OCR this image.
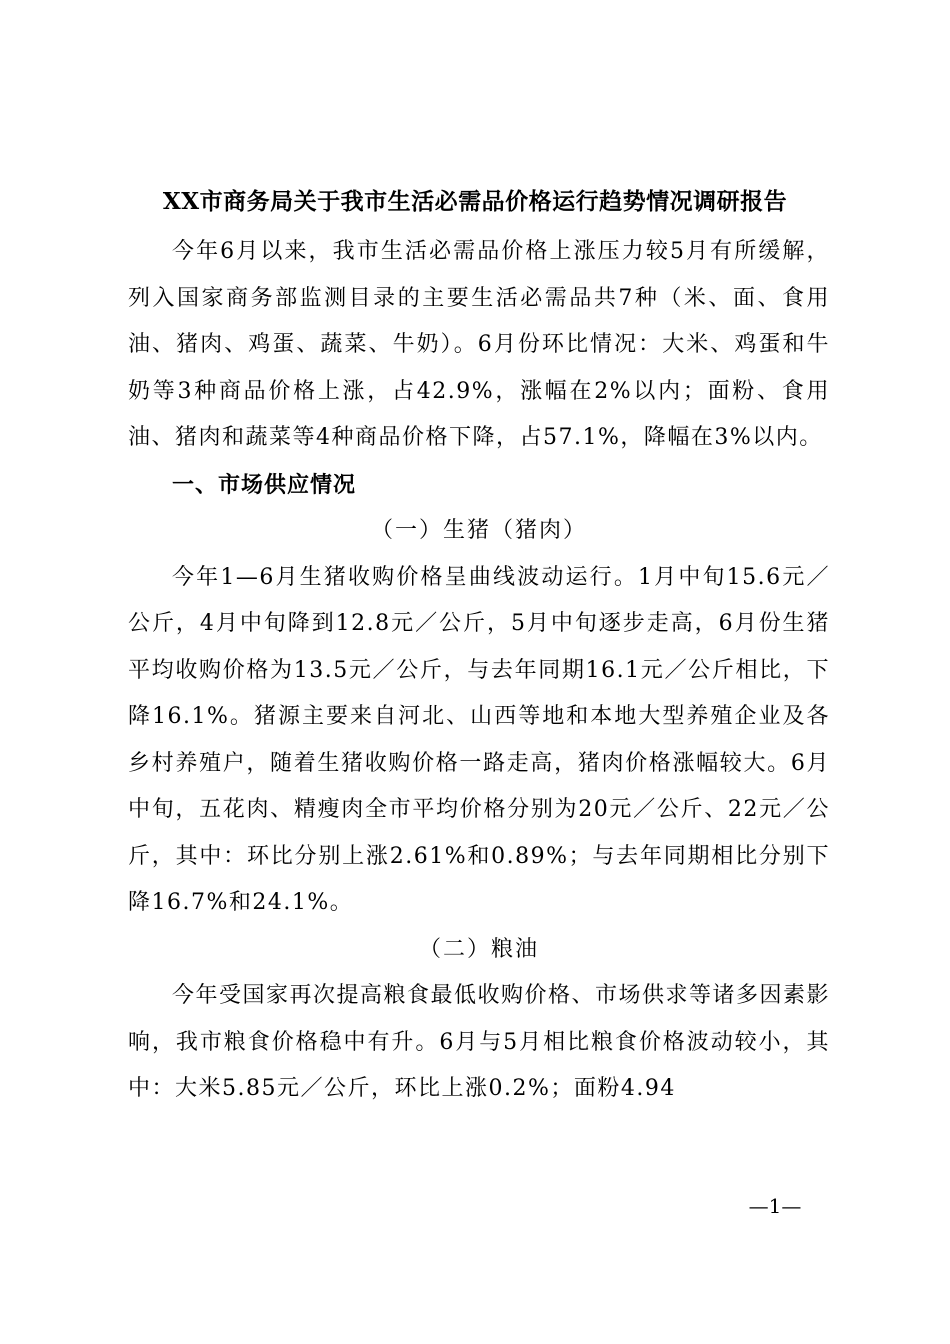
XX市商务局关于我市生活必需品价格运行趋势情况调研报告

今年6月以来，我市生活必需品价格上涨压力较5月有所缓解，列入国家商务部监测目录的主要生活必需品共7种（米、面、食用油、猪肉、鸡蛋、蔬菜、牛奶）。6月份环比情况：大米、鸡蛋和牛奶等3种商品价格上涨，占42.9%，涨幅在2%以内；面粉、食用油、猪肉和蔬菜等4种商品价格下降，占57.1%，降幅在3%以内。

一、市场供应情况

（一）生猪（猪肉）

今年1—6月生猪收购价格呈曲线波动运行。1月中旬15.6元／公斤，4月中旬降到12.8元／公斤，5月中旬逐步走高，6月份生猪平均收购价格为13.5元／公斤，与去年同期16.1元／公斤相比，下降16.1%。猪源主要来自河北、山西等地和本地大型养殖企业及各乡村养殖户，随着生猪收购价格一路走高，猪肉价格涨幅较大。6月中旬，五花肉、精瘦肉全市平均价格分别为20元／公斤、22元／公斤，其中：环比分别上涨2.61%和0.89%；与去年同期相比分别下降16.7%和24.1%。

（二）粮油

今年受国家再次提高粮食最低收购价格、市场供求等诸多因素影响，我市粮食价格稳中有升。6月与5月相比粮食价格波动较小，其中：大米5.85元／公斤，环比上涨0.2%；面粉4.94

—1—
